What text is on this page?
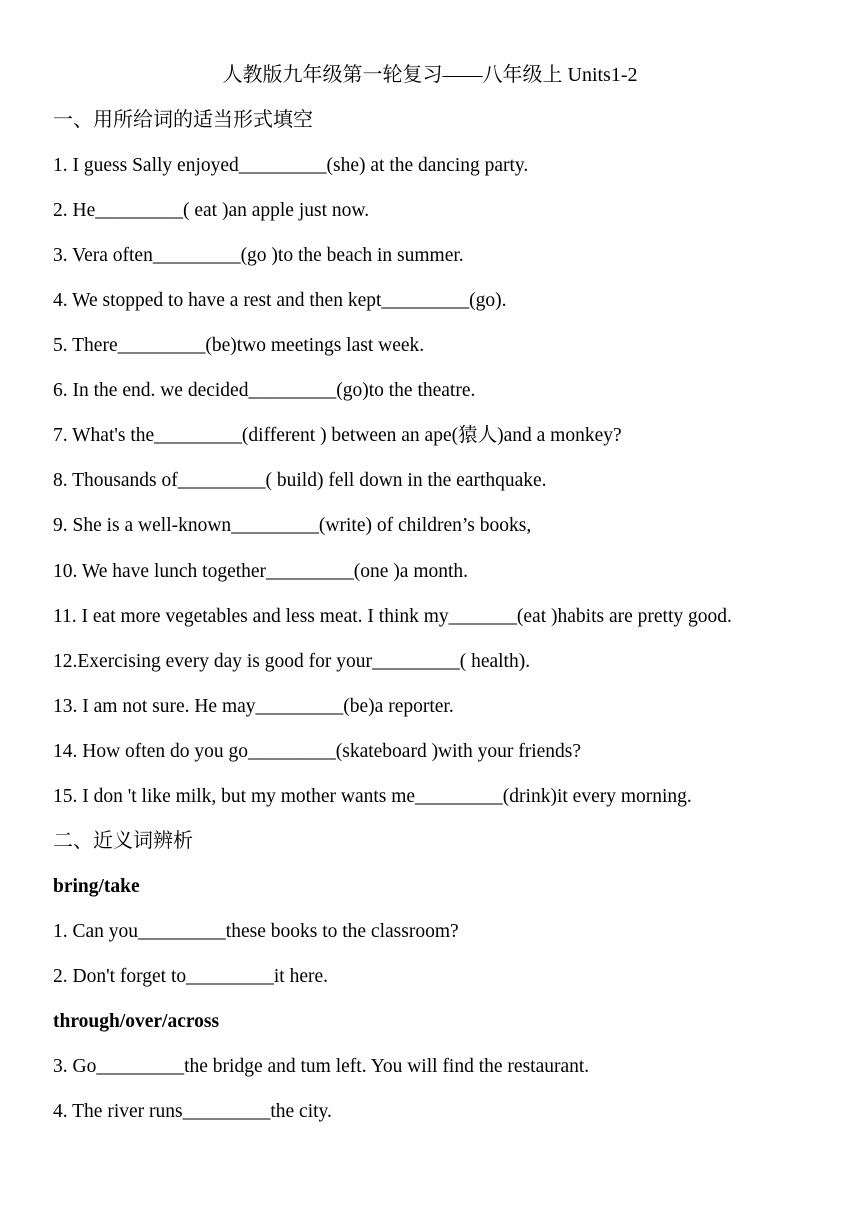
人教版九年级第一轮复习——八年级上 Units1-2
一、用所给词的适当形式填空
1. I guess Sally enjoyed_________(she) at the dancing party.
2. He_________( eat )an apple just now.
3. Vera often_________(go )to the beach in summer.
4. We stopped to have a rest and then kept_________(go).
5. There_________(be)two meetings last week.
6. In the end. we decided_________(go)to the theatre.
7. What's the_________(different ) between an ape(猿人)and a monkey?
8. Thousands of_________( build) fell down in the earthquake.
9. She is a well-known_________(write) of children’s books,
10. We have lunch together_________(one )a month.
11. I eat more vegetables and less meat. I think my_______(eat )habits are pretty good.
12.Exercising every day is good for your_________( health).
13. I am not sure. He may_________(be)a reporter.
14. How often do you go_________(skateboard )with your friends?
15. I don 't like milk, but my mother wants me_________(drink)it every morning.
二、近义词辨析
bring/take
1. Can you_________these books to the classroom?
2. Don't forget to_________it here.
through/over/across
3. Go_________the bridge and tum left. You will find the restaurant.
4. The river runs_________the city.
